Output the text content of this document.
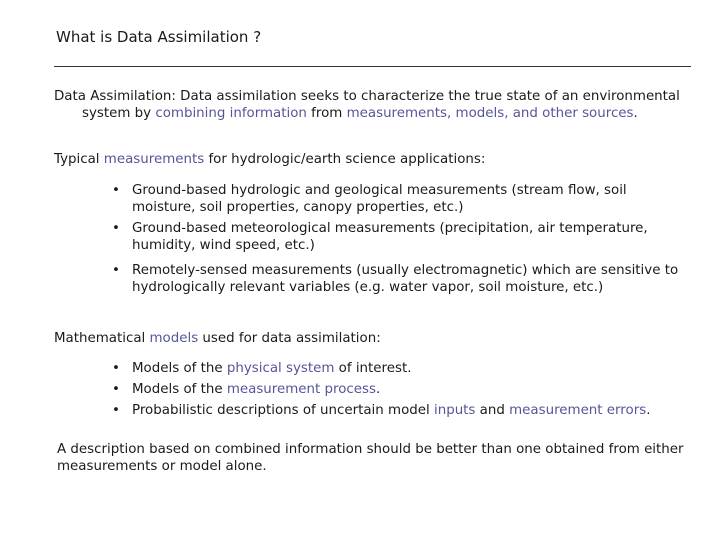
What is Data Assimilation ?

Data Assimilation: Data assimilation seeks to characterize the true state of an environmental system by combining information from measurements, models, and other sources.

Typical measurements for hydrologic/earth science applications:

• Ground-based hydrologic and geological measurements (stream flow, soil moisture, soil properties, canopy properties, etc.)
• Ground-based meteorological measurements (precipitation, air temperature, humidity, wind speed, etc.)
• Remotely-sensed measurements (usually electromagnetic) which are sensitive to hydrologically relevant variables (e.g. water vapor, soil moisture, etc.)

Mathematical models used for data assimilation:

• Models of the physical system of interest.
• Models of the measurement process.
• Probabilistic descriptions of uncertain model inputs and measurement errors.

A description based on combined information should be better than one obtained from either measurements or model alone.
